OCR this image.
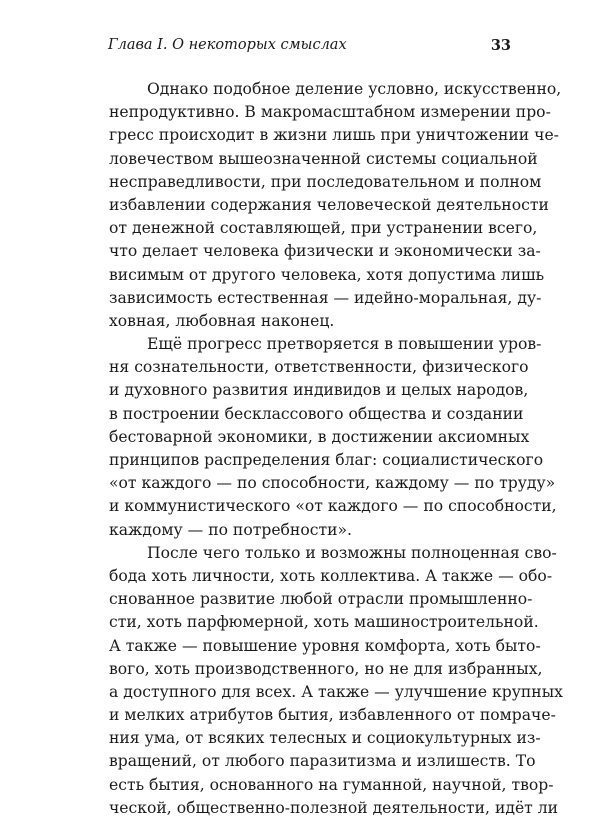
Глава I. О некоторых смыслах	33
Однако подобное деление условно, искусственно,
непродуктивно. В макромасштабном измерении про-
гресс происходит в жизни лишь при уничтожении че-
ловечеством вышеозначенной системы социальной
несправедливости, при последовательном и полном
избавлении содержания человеческой деятельности
от денежной составляющей, при устранении всего,
что делает человека физически и экономически за-
висимым от другого человека, хотя допустима лишь
зависимость естественная — идейно-моральная, ду-
ховная, любовная наконец.
Ещё прогресс претворяется в повышении уров-
ня сознательности, ответственности, физического
и духовного развития индивидов и целых народов,
в построении бесклассового общества и создании
бестоварной экономики, в достижении аксиомных
принципов распределения благ: социалистического
«от каждого — по способности, каждому — по труду»
и коммунистического «от каждого — по способности,
каждому — по потребности».
После чего только и возможны полноценная сво-
бода хоть личности, хоть коллектива. А также — обо-
снованное развитие любой отрасли промышленно-
сти, хоть парфюмерной, хоть машиностроительной.
А также — повышение уровня комфорта, хоть быто-
вого, хоть производственного, но не для избранных,
а доступного для всех. А также — улучшение крупных
и мелких атрибутов бытия, избавленного от помраче-
ния ума, от всяких телесных и социокультурных из-
вращений, от любого паразитизма и излишеств. То
есть бытия, основанного на гуманной, научной, твор-
ческой, общественно-полезной деятельности, идёт ли
